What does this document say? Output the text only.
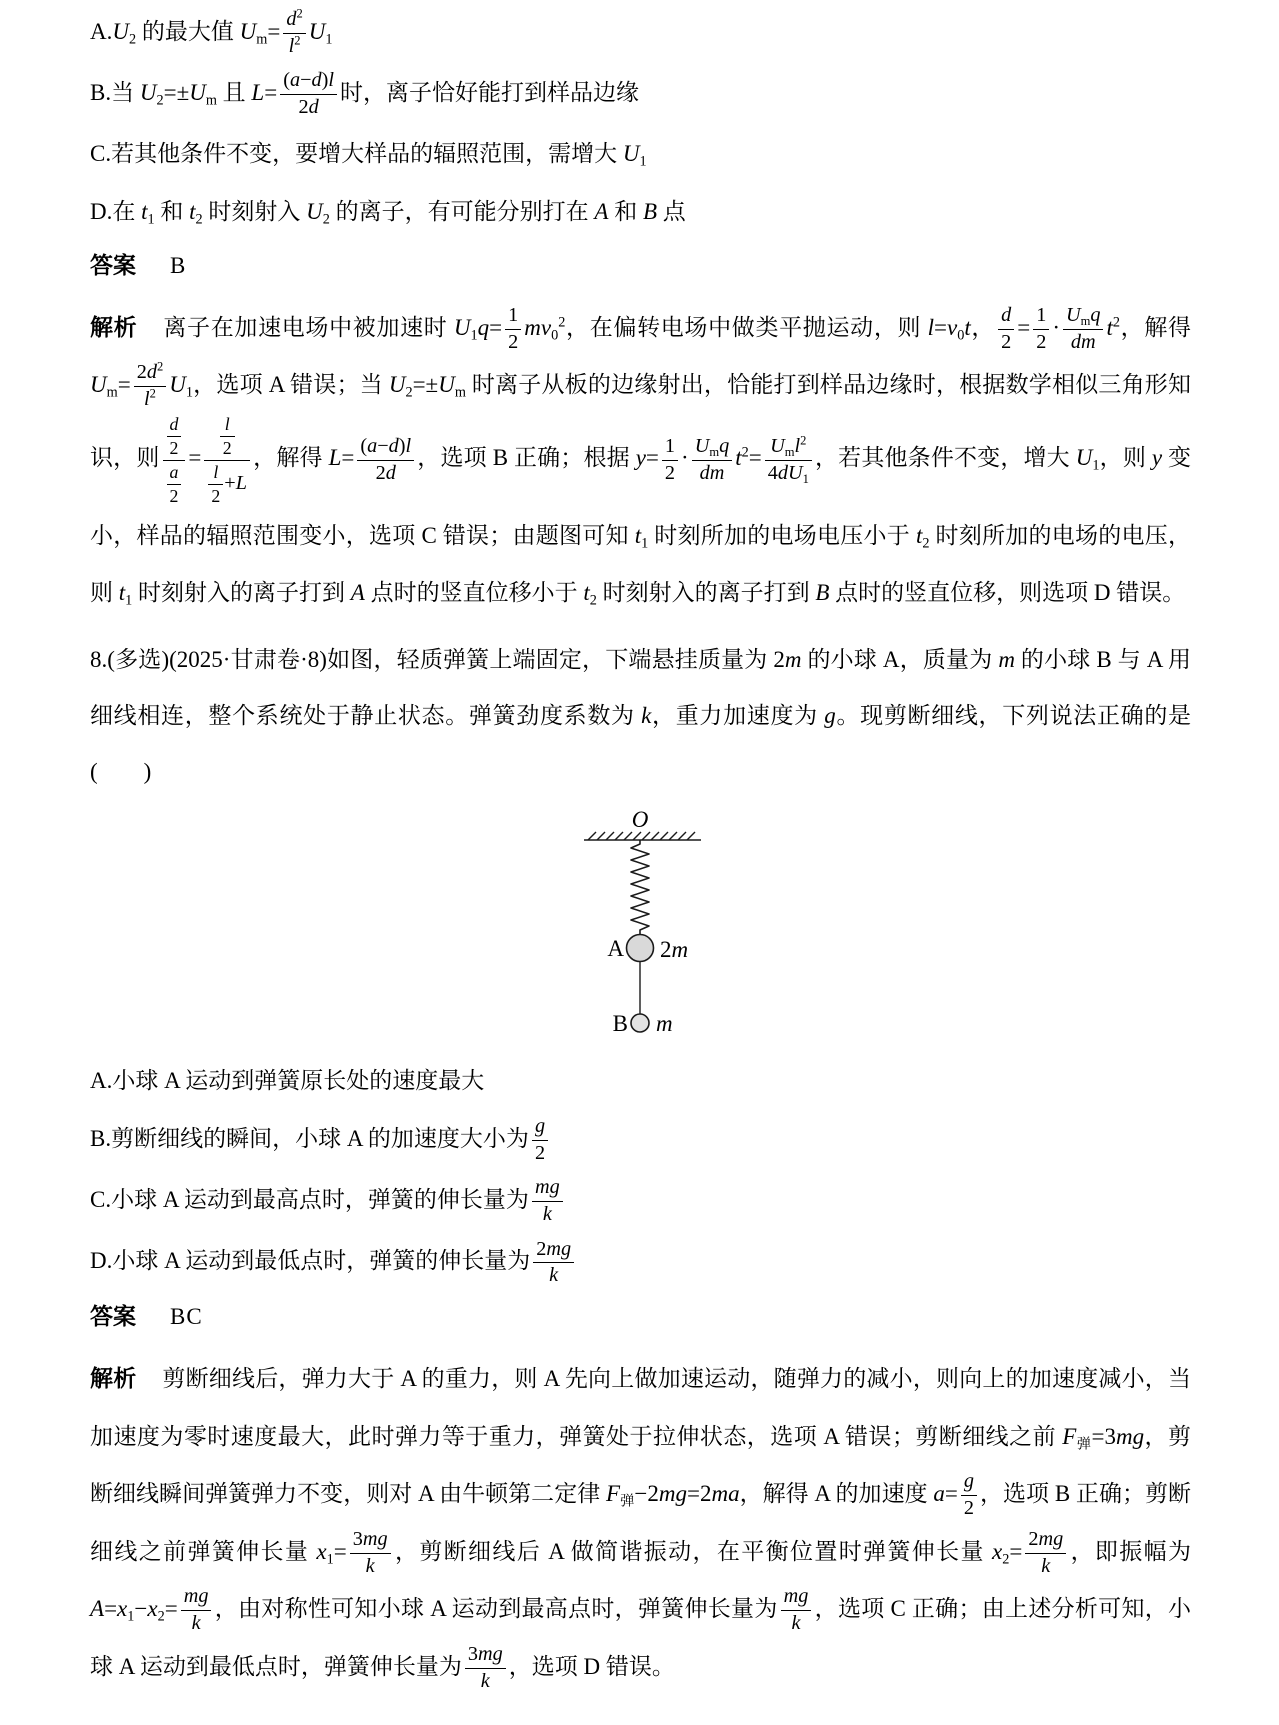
$A.U_2$ 的最大值 $U_m= \frac{d^2}{l^2} U_1$

B.当 $U_2=\pm U_m$ 且 $L= \frac{(a-d)l}{2d}$ 时，离子恰好能打到样品边缘

C.若其他条件不变，要增大样品的辐照范围，需增大 $U_1$

D.在 $t_1$ 和 $t_2$ 时刻射入 $U_2$ 的离子，有可能分别打在 A 和 B 点

答案 B

解析 离子在加速电场中被加速时 $U_1q= \frac{1}{2} mv_0^2$，在偏转电场中做类平抛运动，则 $l=v_0t$， $\frac{d}{2} = \frac{1}{2} \cdot \frac{U_mq}{dm} t^2$，解得 $U_m= \frac{2d^2}{l^2} U_1$，选项 A 错误；当 $U_2=\pm U_m$ 时离子从板的边缘射出，恰能打到样品边缘时，根据数学相似三角形知识，则 $\frac{\frac{d}{2}}{\frac{a}{2}} = \frac{\frac{l}{2}}{\frac{l}{2} +L}$ ，解得 $L= \frac{(a-d)l}{2d}$ ，选项 B 正确；根据 $y= \frac{1}{2} \cdot \frac{U_mq}{dm} t^2= \frac{U_ml^2}{4dU_1}$ ，若其他条件不变，增大 $U_1$，则 y 变小，样品的辐照范围变小，选项 C 错误；由题图可知 $t_1$ 时刻所加的电场电压小于 $t_2$ 时刻所加的电场的电压，则 $t_1$ 时刻射入的离子打到 A 点时的竖直位移小于 $t_2$ 时刻射入的离子打到 B 点时的竖直位移，则选项 D 错误。

8.(多选)(2025·甘肃卷·8)如图，轻质弹簧上端固定，下端悬挂质量为 2m 的小球 A，质量为 m 的小球 B 与 A 用细线相连，整个系统处于静止状态。弹簧劲度系数为 k，重力加速度为 g。现剪断细线，下列说法正确的是(　　)

O
A 2m
B m

A.小球 A 运动到弹簧原长处的速度最大

B.剪断细线的瞬间，小球 A 的加速度大小为 $\frac{g}{2}$

C.小球 A 运动到最高点时，弹簧的伸长量为 $\frac{mg}{k}$

D.小球 A 运动到最低点时，弹簧的伸长量为 $\frac{2mg}{k}$

答案 BC

解析 剪断细线后，弹力大于 A 的重力，则 A 先向上做加速运动，随弹力的减小，则向上的加速度减小，当加速度为零时速度最大，此时弹力等于重力，弹簧处于拉伸状态，选项 A 错误；剪断细线之前 $F_弹=3mg$，剪断细线瞬间弹簧弹力不变，则对 A 由牛顿第二定律 $F_弹-2mg=2ma$，解得 A 的加速度 $a= \frac{g}{2}$ ，选项 B 正确；剪断细线之前弹簧伸长量 $x_1= \frac{3mg}{k}$ ，剪断细线后 A 做简谐振动，在平衡位置时弹簧伸长量 $x_2= \frac{2mg}{k}$ ，即振幅为 $A=x_1-x_2= \frac{mg}{k}$ ，由对称性可知小球 A 运动到最高点时，弹簧伸长量为 $\frac{mg}{k}$ ，选项 C 正确；由上述分析可知，小球 A 运动到最低点时，弹簧伸长量为 $\frac{3mg}{k}$ ，选项 D 错误。
